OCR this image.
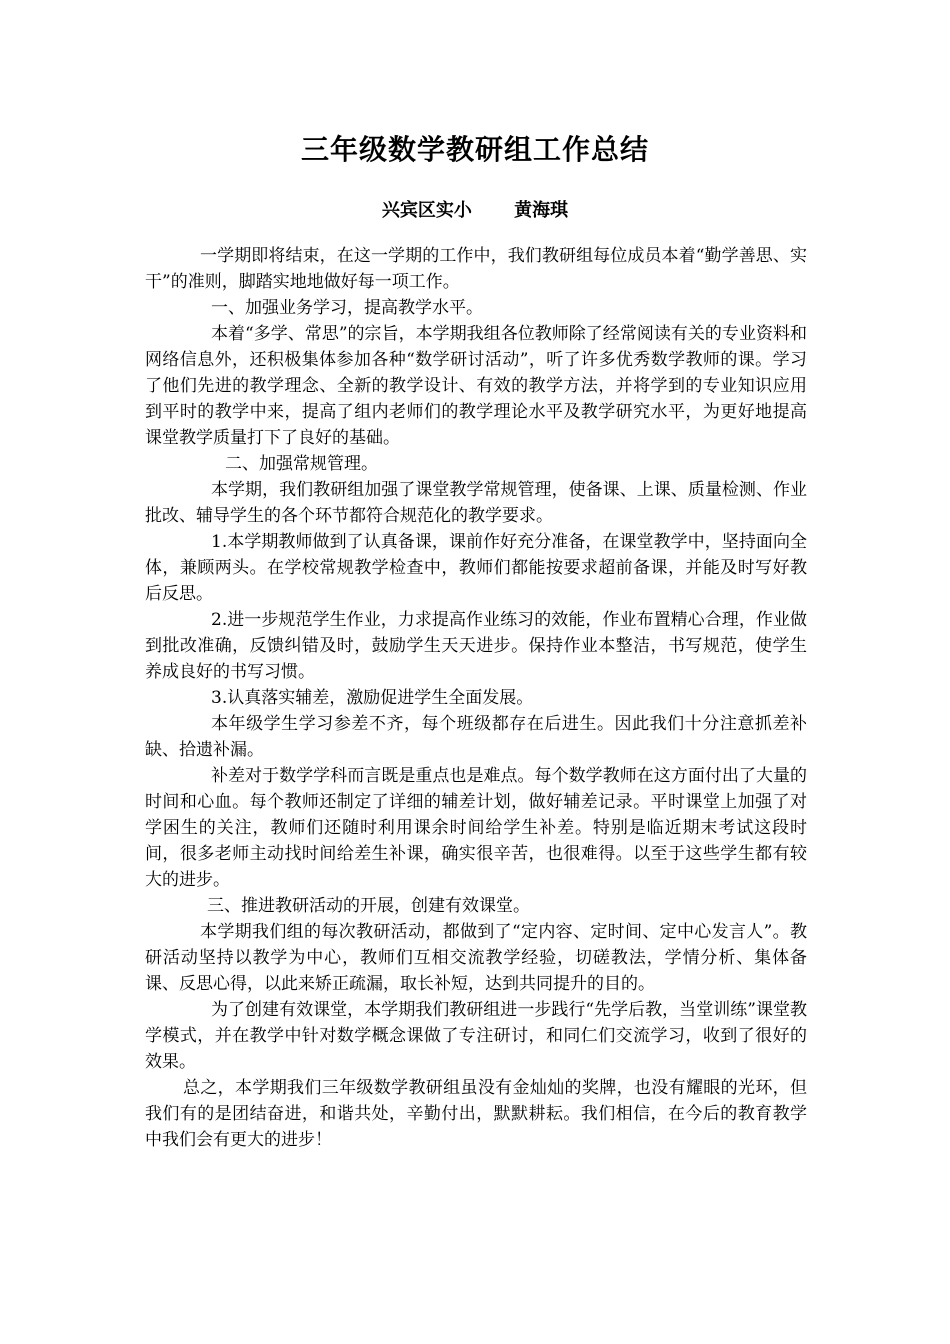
三年级数学教研组工作总结
兴宾区实小 黄海琪

一学期即将结束，在这一学期的工作中，我们教研组每位成员本着“勤学善思、实干”的准则，脚踏实地地做好每一项工作。

一、加强业务学习，提高教学水平。

本着“多学、常思”的宗旨，本学期我组各位教师除了经常阅读有关的专业资料和网络信息外，还积极集体参加各种“数学研讨活动”，听了许多优秀数学教师的课。学习了他们先进的教学理念、全新的教学设计、有效的教学方法，并将学到的专业知识应用到平时的教学中来，提高了组内老师们的教学理论水平及教学研究水平，为更好地提高课堂教学质量打下了良好的基础。

二、加强常规管理。

本学期，我们教研组加强了课堂教学常规管理，使备课、上课、质量检测、作业批改、辅导学生的各个环节都符合规范化的教学要求。

1.本学期教师做到了认真备课，课前作好充分准备，在课堂教学中，坚持面向全体，兼顾两头。在学校常规教学检查中，教师们都能按要求超前备课，并能及时写好教后反思。

2.进一步规范学生作业，力求提高作业练习的效能，作业布置精心合理，作业做到批改准确，反馈纠错及时，鼓励学生天天进步。保持作业本整洁，书写规范，使学生养成良好的书写习惯。

3.认真落实辅差，激励促进学生全面发展。

本年级学生学习参差不齐，每个班级都存在后进生。因此我们十分注意抓差补缺、拾遗补漏。

补差对于数学学科而言既是重点也是难点。每个数学教师在这方面付出了大量的时间和心血。每个教师还制定了详细的辅差计划，做好辅差记录。平时课堂上加强了对学困生的关注，教师们还随时利用课余时间给学生补差。特别是临近期末考试这段时间，很多老师主动找时间给差生补课，确实很辛苦，也很难得。以至于这些学生都有较大的进步。

三、推进教研活动的开展，创建有效课堂。

本学期我们组的每次教研活动，都做到了“定内容、定时间、定中心发言人”。教研活动坚持以教学为中心，教师们互相交流教学经验，切磋教法，学情分析、集体备课、反思心得，以此来矫正疏漏，取长补短，达到共同提升的目的。

为了创建有效课堂，本学期我们教研组进一步践行“先学后教，当堂训练”课堂教学模式，并在教学中针对数学概念课做了专注研讨，和同仁们交流学习，收到了很好的效果。

总之，本学期我们三年级数学教研组虽没有金灿灿的奖牌，也没有耀眼的光环，但我们有的是团结奋进，和谐共处，辛勤付出，默默耕耘。我们相信，在今后的教育教学中我们会有更大的进步！
